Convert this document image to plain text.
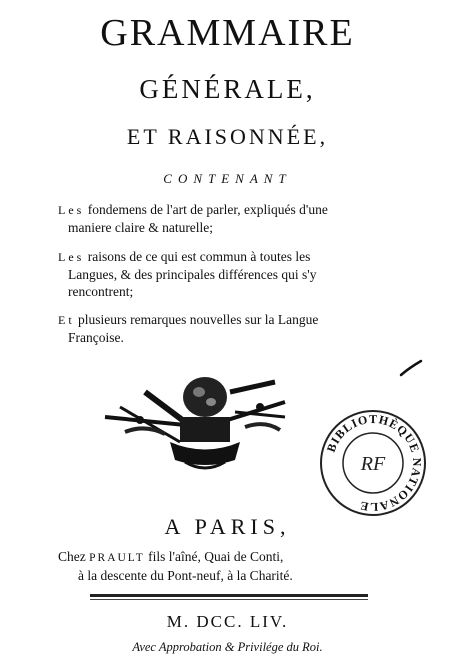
GRAMMAIRE
GÉNÉRALE,
ET RAISONNÉE,
CONTENANT
Les fondemens de l'art de parler, expliqués d'une
maniere claire & naturelle;
Les raisons de ce qui est commun à toutes les
Langues, & des principales différences qui s'y
rencontrent;
Et plusieurs remarques nouvelles sur la Langue
Françoise.
BIBLIOTHÈQUE NATIONALE
RF
A PARIS,
Chez PRAULT fils l'aîné, Quai de Conti,
à la descente du Pont-neuf, à la Charité.
M. DCC. LIV.
Avec Approbation & Privilége du Roi.
